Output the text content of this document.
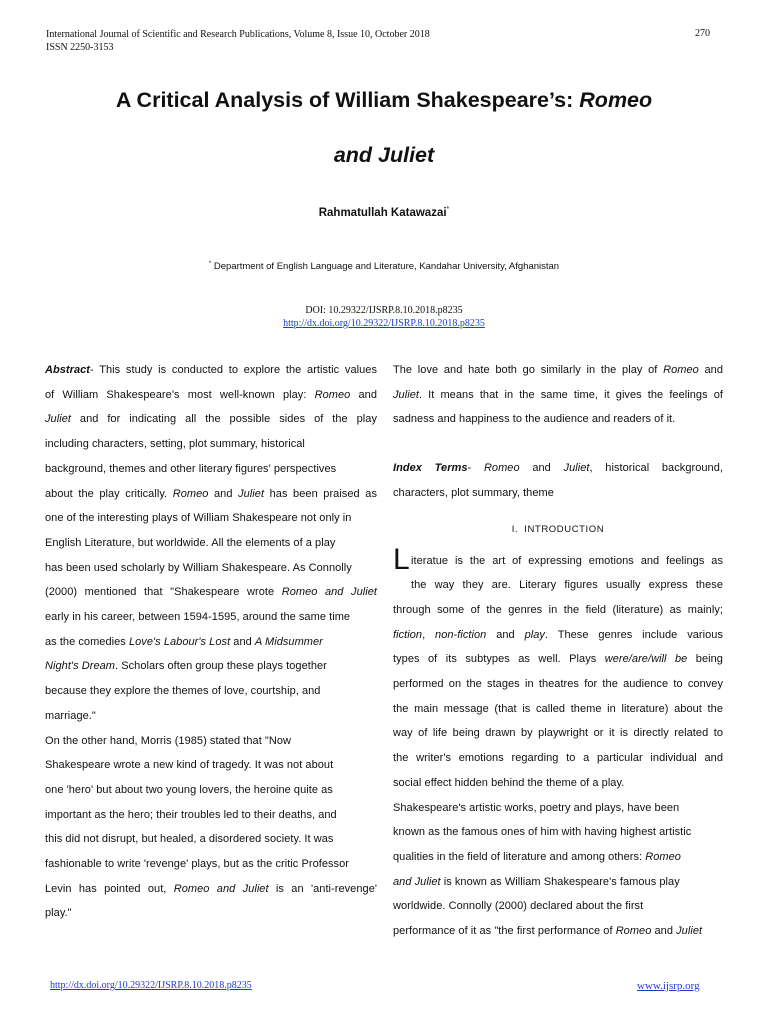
International Journal of Scientific and Research Publications, Volume 8, Issue 10, October 2018
ISSN 2250-3153
270
A Critical Analysis of William Shakespeare’s: Romeo
and Juliet
Rahmatullah Katawazai*
* Department of English Language and Literature, Kandahar University, Afghanistan
DOI: 10.29322/IJSRP.8.10.2018.p8235
http://dx.doi.org/10.29322/IJSRP.8.10.2018.p8235
Abstract- This study is conducted to explore the artistic values
of William Shakespeare’s most well-known play: Romeo and
Juliet and for indicating all the possible sides of the play
including characters, setting, plot summary, historical
background, themes and other literary figures' perspectives
about the play critically. Romeo and Juliet has been praised as
one of the interesting plays of William Shakespeare not only in
English Literature, but worldwide. All the elements of a play
has been used scholarly by William Shakespeare. As Connolly
(2000) mentioned that "Shakespeare wrote Romeo and Juliet
early in his career, between 1594-1595, around the same time
as the comedies Love's Labour's Lost and A Midsummer
Night's Dream. Scholars often group these plays together
because they explore the themes of love, courtship, and
marriage."
On the other hand, Morris (1985) stated that "Now
Shakespeare wrote a new kind of tragedy. It was not about
one 'hero' but about two young lovers, the heroine quite as
important as the hero; their troubles led to their deaths, and
this did not disrupt, but healed, a disordered society. It was
fashionable to write 'revenge' plays, but as the critic Professor
Levin has pointed out, Romeo and Juliet is an 'anti-revenge'
play."
The love and hate both go similarly in the play of Romeo and
Juliet. It means that in the same time, it gives the feelings of
sadness and happiness to the audience and readers of it.
Index Terms- Romeo and Juliet, historical background,
characters, plot summary, theme
I. INTRODUCTION
L iteratue is the art of expressing emotions and feelings as
the way they are. Literary figures usually express these
through some of the genres in the field (literature) as mainly;
fiction, non-fiction and play. These genres include various
types of its subtypes as well. Plays were/are/will be being
performed on the stages in theatres for the audience to convey
the main message (that is called theme in literature) about the
way of life being drawn by playwright or it is directly related to
the writer's emotions regarding to a particular individual and
social effect hidden behind the theme of a play.
Shakespeare's artistic works, poetry and plays, have been
known as the famous ones of him with having highest artistic
qualities in the field of literature and among others: Romeo
and Juliet is known as William Shakespeare's famous play
worldwide. Connolly (2000) declared about the first
performance of it as "the first performance of Romeo and Juliet
http://dx.doi.org/10.29322/IJSRP.8.10.2018.p8235	www.ijsrp.org
